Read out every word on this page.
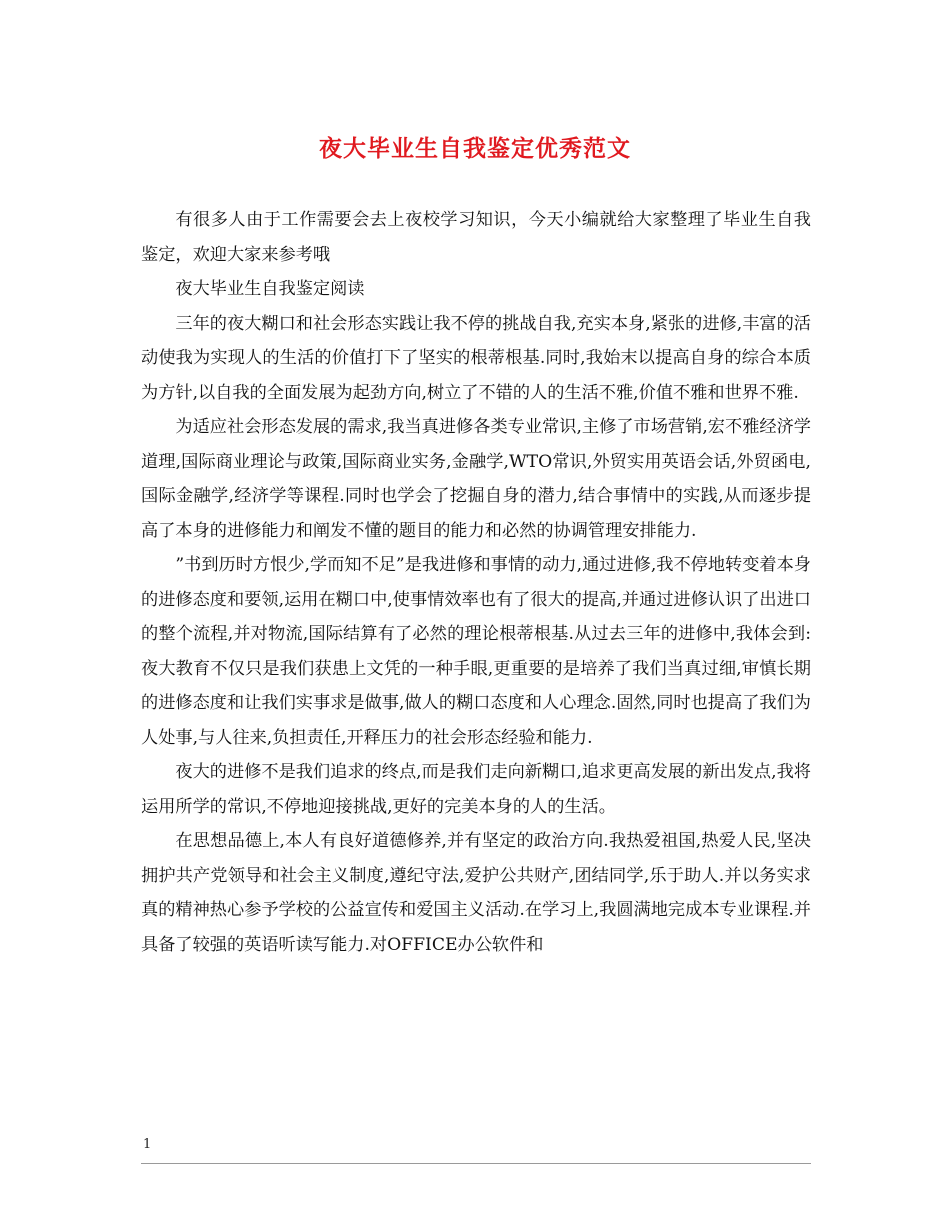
夜大毕业生自我鉴定优秀范文

有很多人由于工作需要会去上夜校学习知识，今天小编就给大家整理了毕业生自我鉴定，欢迎大家来参考哦

夜大毕业生自我鉴定阅读

三年的夜大糊口和社会形态实践让我不停的挑战自我,充实本身,紧张的进修,丰富的活动使我为实现人的生活的价值打下了坚实的根蒂根基.同时,我始末以提高自身的综合本质为方针,以自我的全面发展为起劲方向,树立了不错的人的生活不雅,价值不雅和世界不雅.

为适应社会形态发展的需求,我当真进修各类专业常识,主修了市场营销,宏不雅经济学道理,国际商业理论与政策,国际商业实务,金融学,WTO常识,外贸实用英语会话,外贸函电,国际金融学,经济学等课程.同时也学会了挖掘自身的潜力,结合事情中的实践,从而逐步提高了本身的进修能力和阐发不懂的题目的能力和必然的协调管理安排能力.

”书到历时方恨少,学而知不足”是我进修和事情的动力,通过进修,我不停地转变着本身的进修态度和要领,运用在糊口中,使事情效率也有了很大的提高,并通过进修认识了出进口的整个流程,并对物流,国际结算有了必然的理论根蒂根基.从过去三年的进修中,我体会到:夜大教育不仅只是我们获患上文凭的一种手眼,更重要的是培养了我们当真过细,审慎长期的进修态度和让我们实事求是做事,做人的糊口态度和人心理念.固然,同时也提高了我们为人处事,与人往来,负担责任,开释压力的社会形态经验和能力.

夜大的进修不是我们追求的终点,而是我们走向新糊口,追求更高发展的新出发点,我将运用所学的常识,不停地迎接挑战,更好的完美本身的人的生活。

在思想品德上,本人有良好道德修养,并有坚定的政治方向.我热爱祖国,热爱人民,坚决拥护共产党领导和社会主义制度,遵纪守法,爱护公共财产,团结同学,乐于助人.并以务实求真的精神热心参予学校的公益宣传和爱国主义活动.在学习上,我圆满地完成本专业课程.并具备了较强的英语听读写能力.对OFFICE办公软件和

1
